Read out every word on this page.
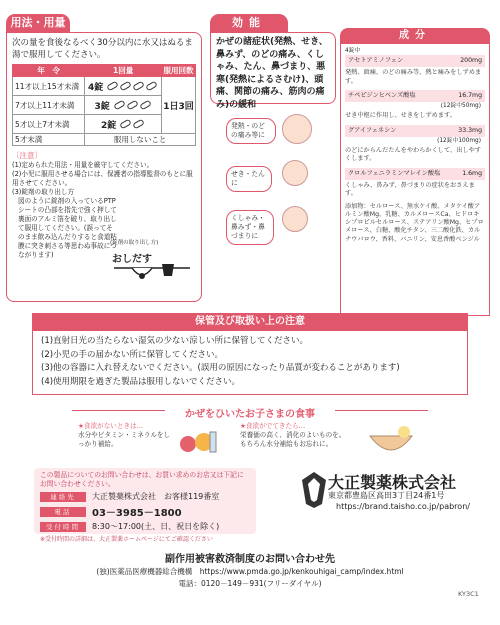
用法・用量
次の量を食後なるべく30分以内に水又はぬるま湯で服用してください。
年　令	1回量	服用回数
11才以上15才未満	4錠	1日3回
7才以上11才未満	3錠	
5才以上7才未満	2錠	
5才未満	服用しないこと	
〔注意〕
(1)定められた用法・用量を厳守してください。
(2)小児に服用させる場合には、保護者の指導監督のもとに服用させてください。
(3)錠剤の取り出し方
図のように錠剤の入っているPTPシートの凸部を指先で強く押して裏面のアルミ箔を破り、取り出して服用してください。(誤ってそのまま飲み込んだりすると食道粘膜に突き刺さる等思わぬ事故につながります)
(錠剤の取り出し方)
おしだす
効能
かぜの諸症状(発熱、せき、鼻みず、のどの痛み、くしゃみ、たん、鼻づまり、悪寒(発熱によるさむけ)、頭痛、関節の痛み、筋肉の痛み)の緩和
発熱・のどの痛み等に
せき・たんに
くしゃみ・鼻みず・鼻づまりに
成分
4錠中
アセトアミノフェン	200mg
発熱、頭痛、のどの痛み等、熱と痛みをしずめます。
チペピジンヒベンズ酸塩	16.7mg
(12錠中50mg)
せき中枢に作用し、せきをしずめます。
グアイフェネシン	33.3mg
(12錠中100mg)
のどにからんだたんをやわらかくして、出しやすくします。
クロルフェニラミンマレイン酸塩	1.6mg
くしゃみ、鼻みず、鼻づまりの症状をおさえます。
添加物：セルロース、無水ケイ酸、メタケイ酸アルミン酸Mg、乳糖、カルメロースCa、ヒドロキシプロピルセルロース、ステアリン酸Mg、ヒプロメロース、白糖、酸化チタン、三二酸化鉄、カルナウバロウ、香料、バニリン、安息香酸ベンジル
保管及び取扱い上の注意
(1)直射日光の当たらない湿気の少ない涼しい所に保管してください。
(2)小児の手の届かない所に保管してください。
(3)他の容器に入れ替えないでください。(誤用の原因になったり品質が変わることがあります)
(4)使用期限を過ぎた製品は服用しないでください。
かぜをひいたお子さまの食事
★食欲がないときは…
水分やビタミン・ミネラルをしっかり補給。
★食欲がでてきたら…
栄養価の高く、消化のよいものを。もちろん水分補給もお忘れに。
この製品についてのお問い合わせは、お買い求めのお店又は下記にお問い合わせください。
連絡先	大正製薬株式会社　お客様119番室
電話	03－3985－1800
受付時間	8:30～17:00(土、日、祝日を除く)
※受付時間の詳細は、大正製薬ホームページにてご確認ください
大正製薬株式会社
東京都豊島区高田3丁目24番1号
https://brand.taisho.co.jp/pabron/
副作用被害救済制度のお問い合わせ先
(独)医薬品医療機器総合機構　https://www.pmda.go.jp/kenkouhigai_camp/index.html
電話：0120－149－931(フリーダイヤル)
KY3C1
